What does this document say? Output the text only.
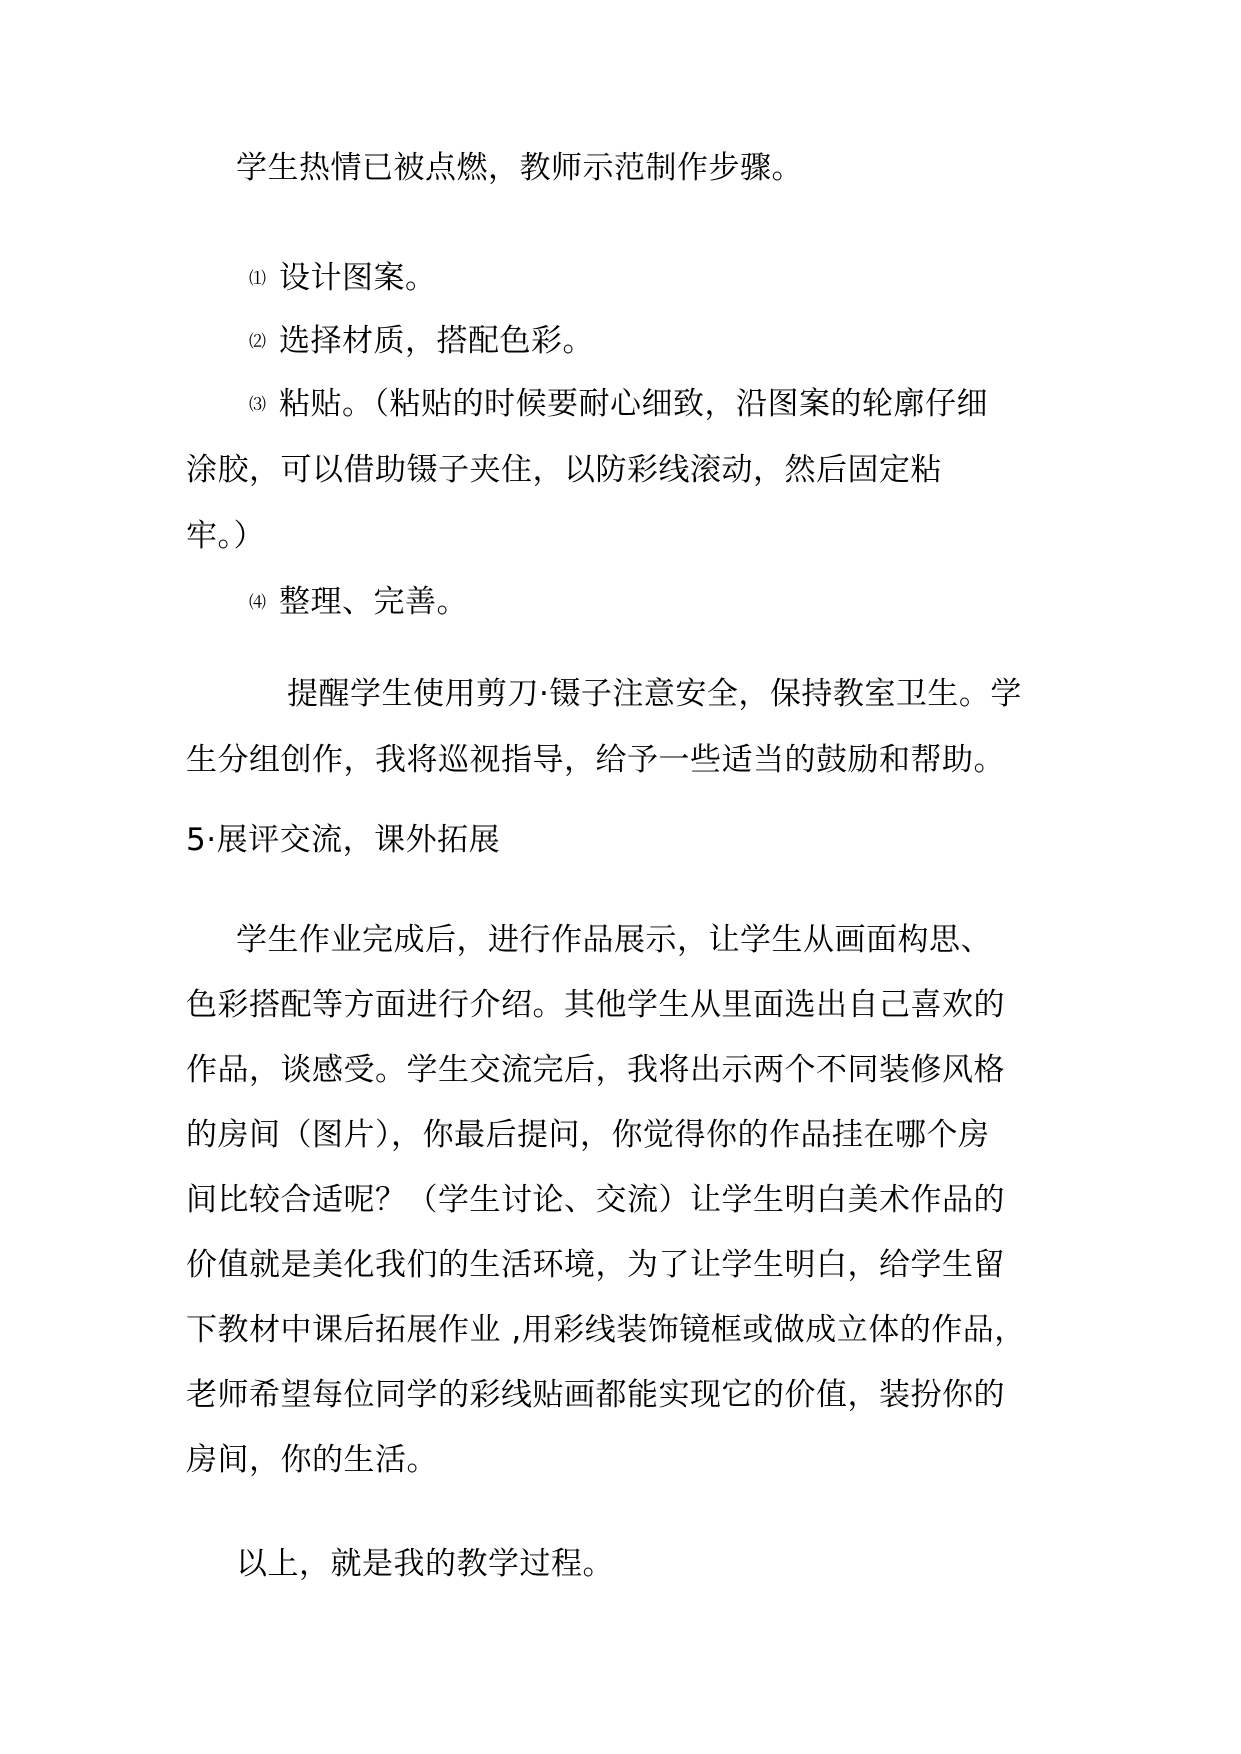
学生热情已被点燃，教师示范制作步骤。

⑴ 设计图案。

⑵ 选择材质，搭配色彩。

⑶ 粘贴。（粘贴的时候要耐心细致，沿图案的轮廓仔细

涂胶，可以借助镊子夹住，以防彩线滚动，然后固定粘

牢。）

⑷ 整理、完善。

提醒学生使用剪刀·镊子注意安全，保持教室卫生。学

生分组创作，我将巡视指导，给予一些适当的鼓励和帮助。

5·展评交流，课外拓展

学生作业完成后，进行作品展示，让学生从画面构思、

色彩搭配等方面进行介绍。其他学生从里面选出自己喜欢的

作品，谈感受。学生交流完后，我将出示两个不同装修风格

的房间（图片），你最后提问，你觉得你的作品挂在哪个房

间比较合适呢？（学生讨论、交流）让学生明白美术作品的

价值就是美化我们的生活环境，为了让学生明白，给学生留

下教材中课后拓展作业 ,用彩线装饰镜框或做成立体的作品，

老师希望每位同学的彩线贴画都能实现它的价值，装扮你的

房间，你的生活。

以上，就是我的教学过程。
